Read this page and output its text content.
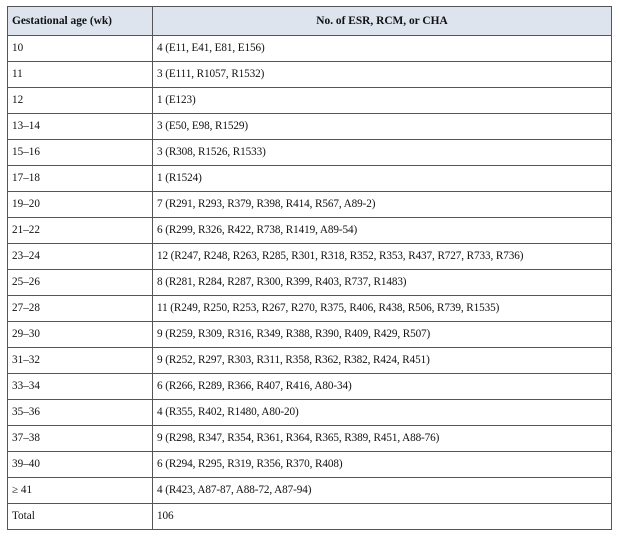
Gestational age (wk)	No. of ESR, RCM, or CHA
10	4 (E11, E41, E81, E156)
11	3 (E111, R1057, R1532)
12	1 (E123)
13–14	3 (E50, E98, R1529)
15–16	3 (R308, R1526, R1533)
17–18	1 (R1524)
19–20	7 (R291, R293, R379, R398, R414, R567, A89-2)
21–22	6 (R299, R326, R422, R738, R1419, A89-54)
23–24	12 (R247, R248, R263, R285, R301, R318, R352, R353, R437, R727, R733, R736)
25–26	8 (R281, R284, R287, R300, R399, R403, R737, R1483)
27–28	11 (R249, R250, R253, R267, R270, R375, R406, R438, R506, R739, R1535)
29–30	9 (R259, R309, R316, R349, R388, R390, R409, R429, R507)
31–32	9 (R252, R297, R303, R311, R358, R362, R382, R424, R451)
33–34	6 (R266, R289, R366, R407, R416, A80-34)
35–36	4 (R355, R402, R1480, A80-20)
37–38	9 (R298, R347, R354, R361, R364, R365, R389, R451, A88-76)
39–40	6 (R294, R295, R319, R356, R370, R408)
≥ 41	4 (R423, A87-87, A88-72, A87-94)
Total	106
